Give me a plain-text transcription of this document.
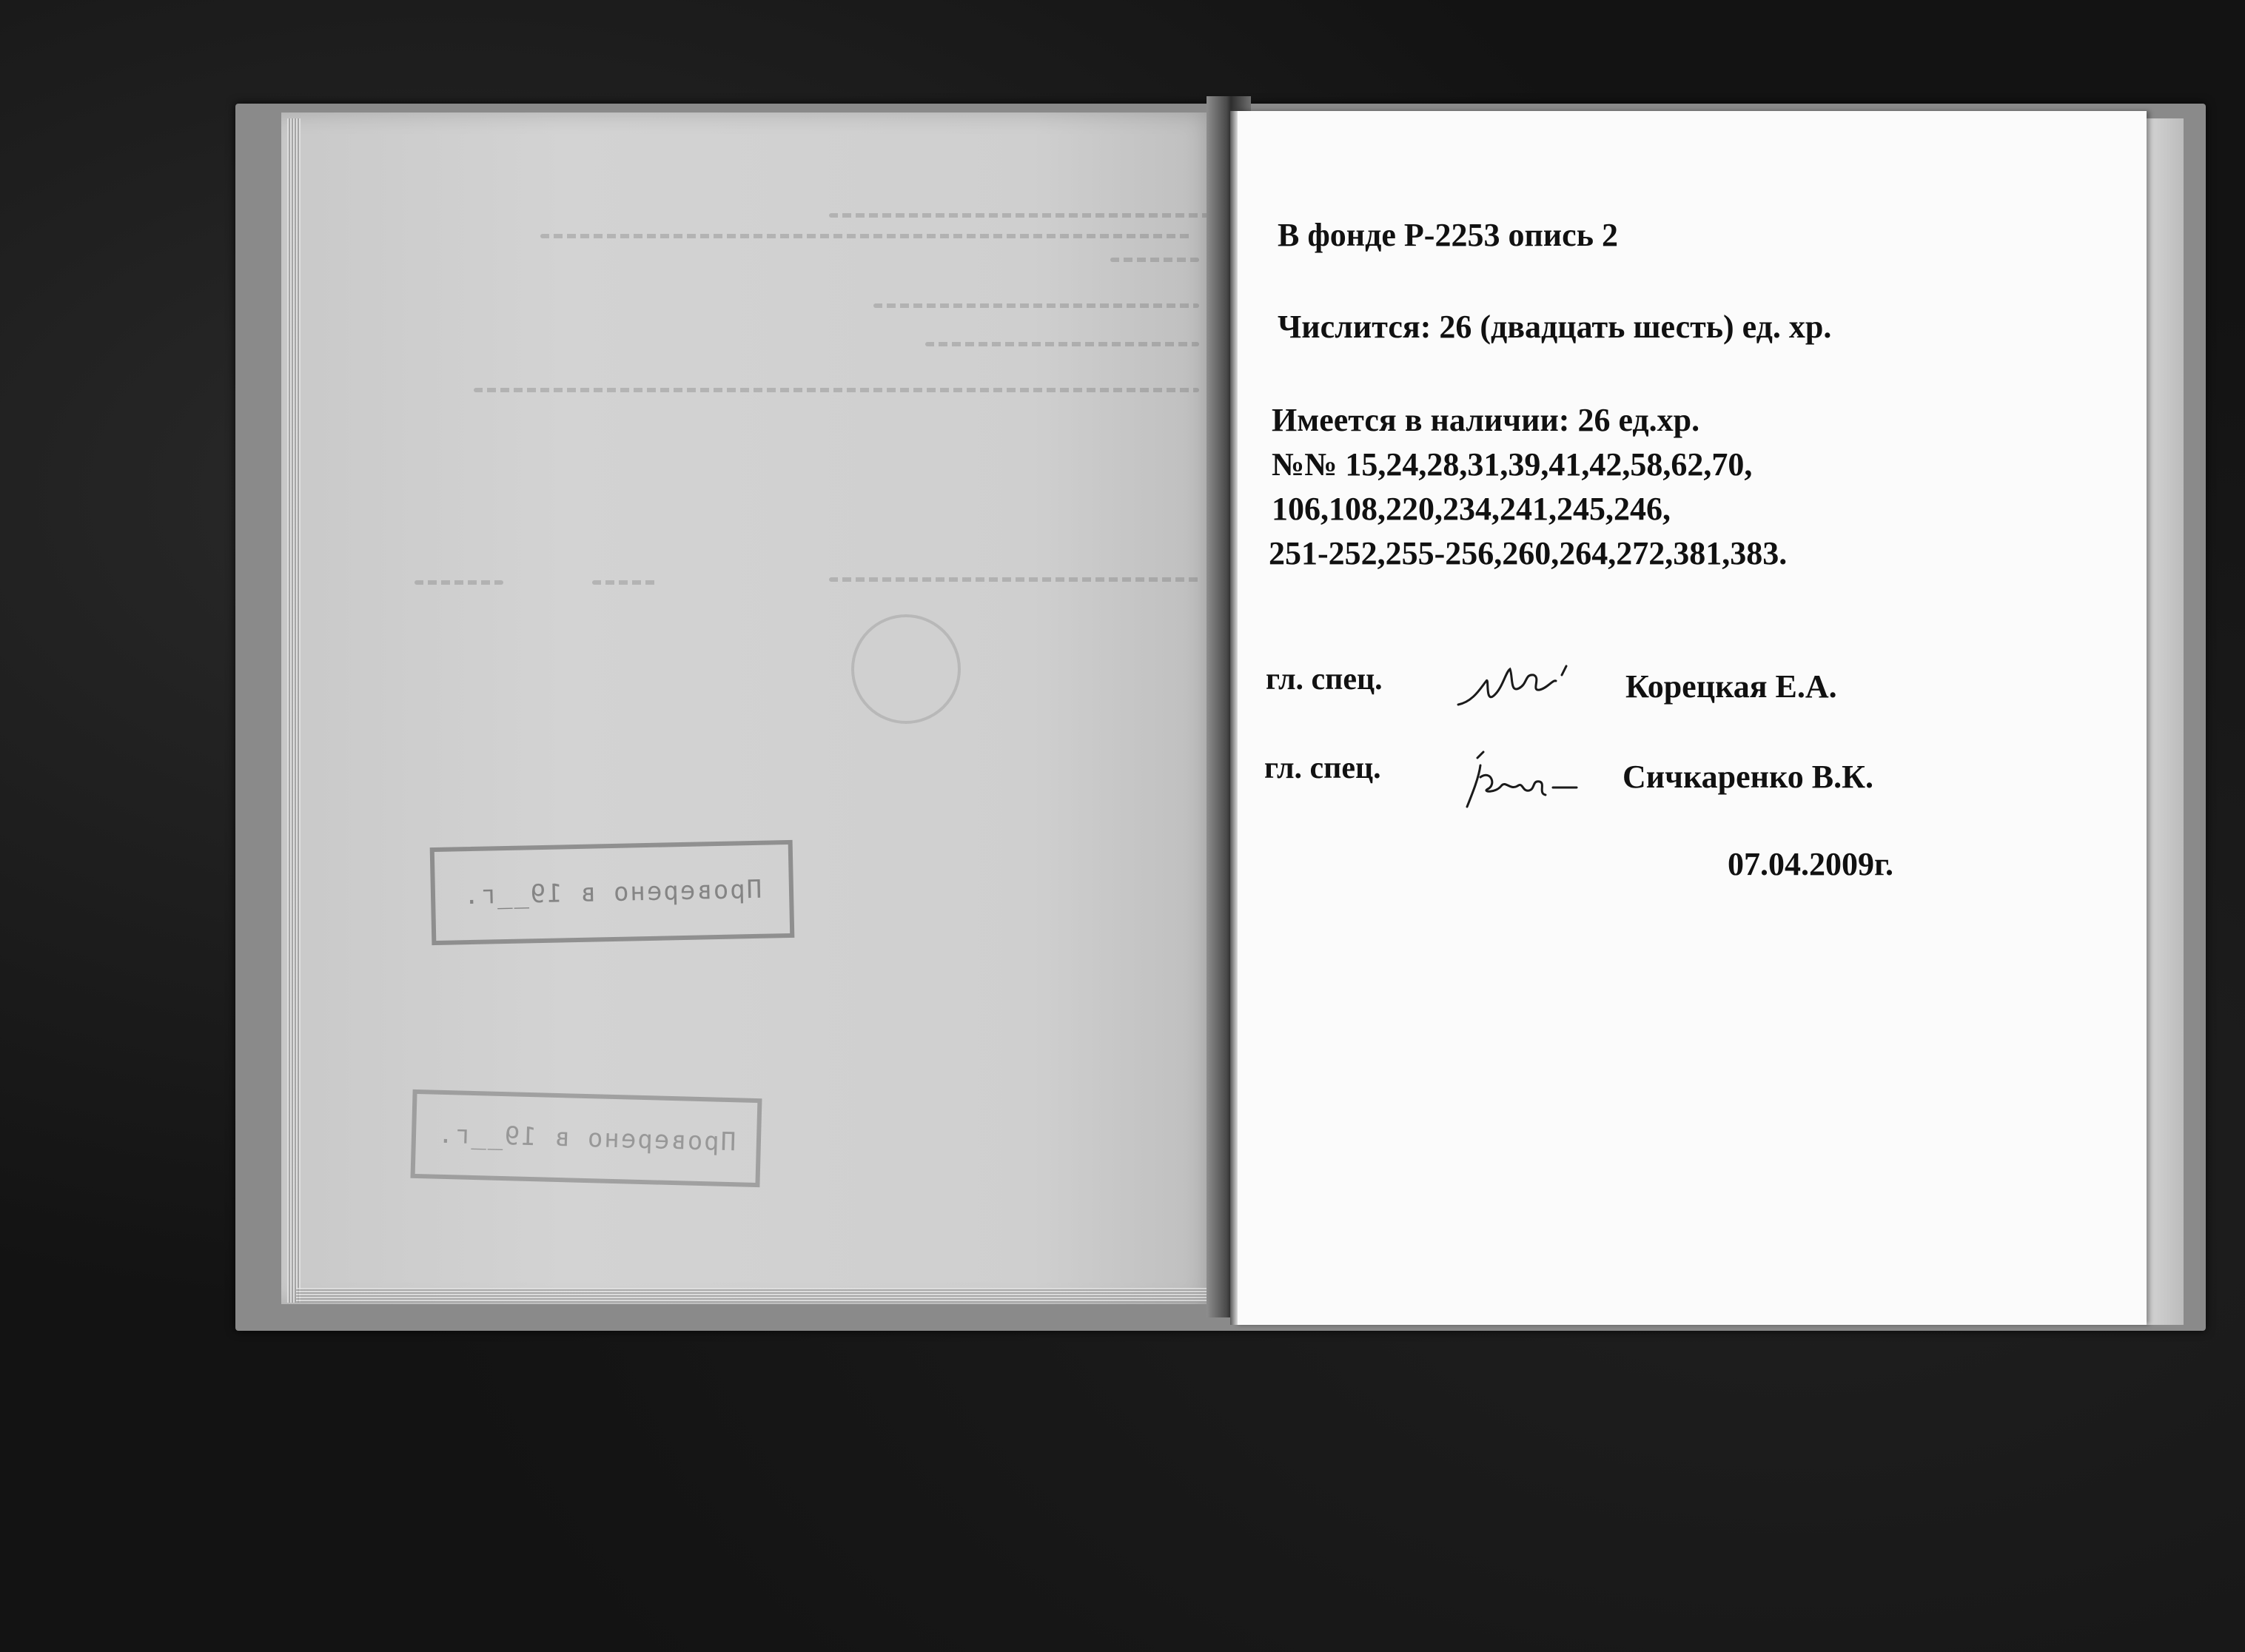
Проверено в 19__г.
Проверено в 19__г.

В фонде Р-2253 опись 2

Числится: 26 (двадцать шесть) ед. хр.

Имеется в наличии: 26 ед.хр.

№№ 15,24,28,31,39,41,42,58,62,70,

106,108,220,234,241,245,246,

251-252,255-256,260,264,272,381,383.

гл. спец.	Корецкая Е.А.

гл. спец.	Сичкаренко В.К.

07.04.2009г.
